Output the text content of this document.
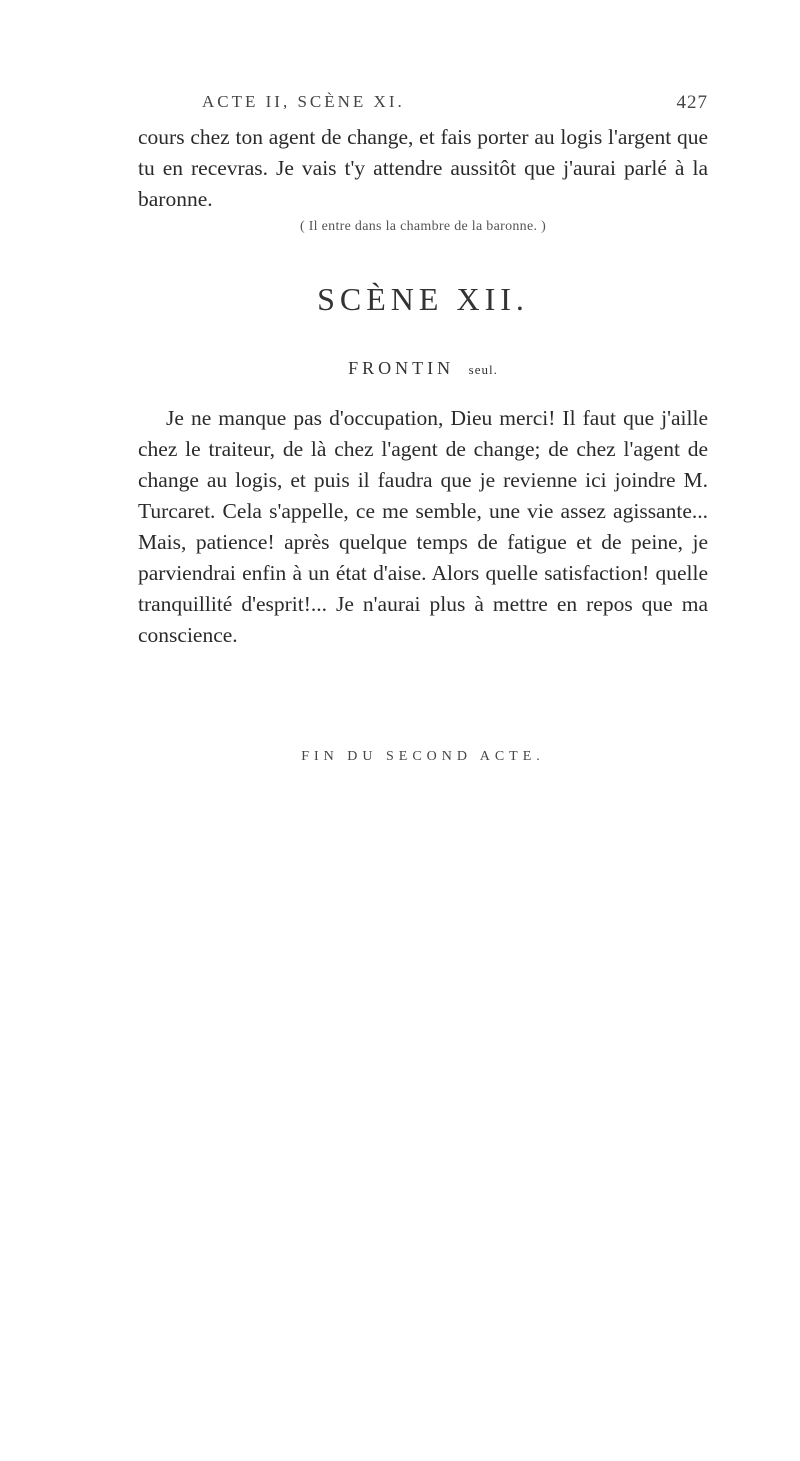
ACTE II, SCÈNE XI.	427

cours chez ton agent de change, et fais porter au logis l'argent que tu en recevras. Je vais t'y attendre aussitôt que j'aurai parlé à la baronne.

( Il entre dans la chambre de la baronne. )
SCÈNE XII.
FRONTIN seul.

Je ne manque pas d'occupation, Dieu merci! Il faut que j'aille chez le traiteur, de là chez l'agent de change; de chez l'agent de change au logis, et puis il faudra que je revienne ici joindre M. Turcaret. Cela s'appelle, ce me semble, une vie assez agissante... Mais, patience! après quelque temps de fatigue et de peine, je parviendrai enfin à un état d'aise. Alors quelle satisfaction! quelle tranquillité d'esprit!... Je n'aurai plus à mettre en repos que ma conscience.

FIN DU SECOND ACTE.
